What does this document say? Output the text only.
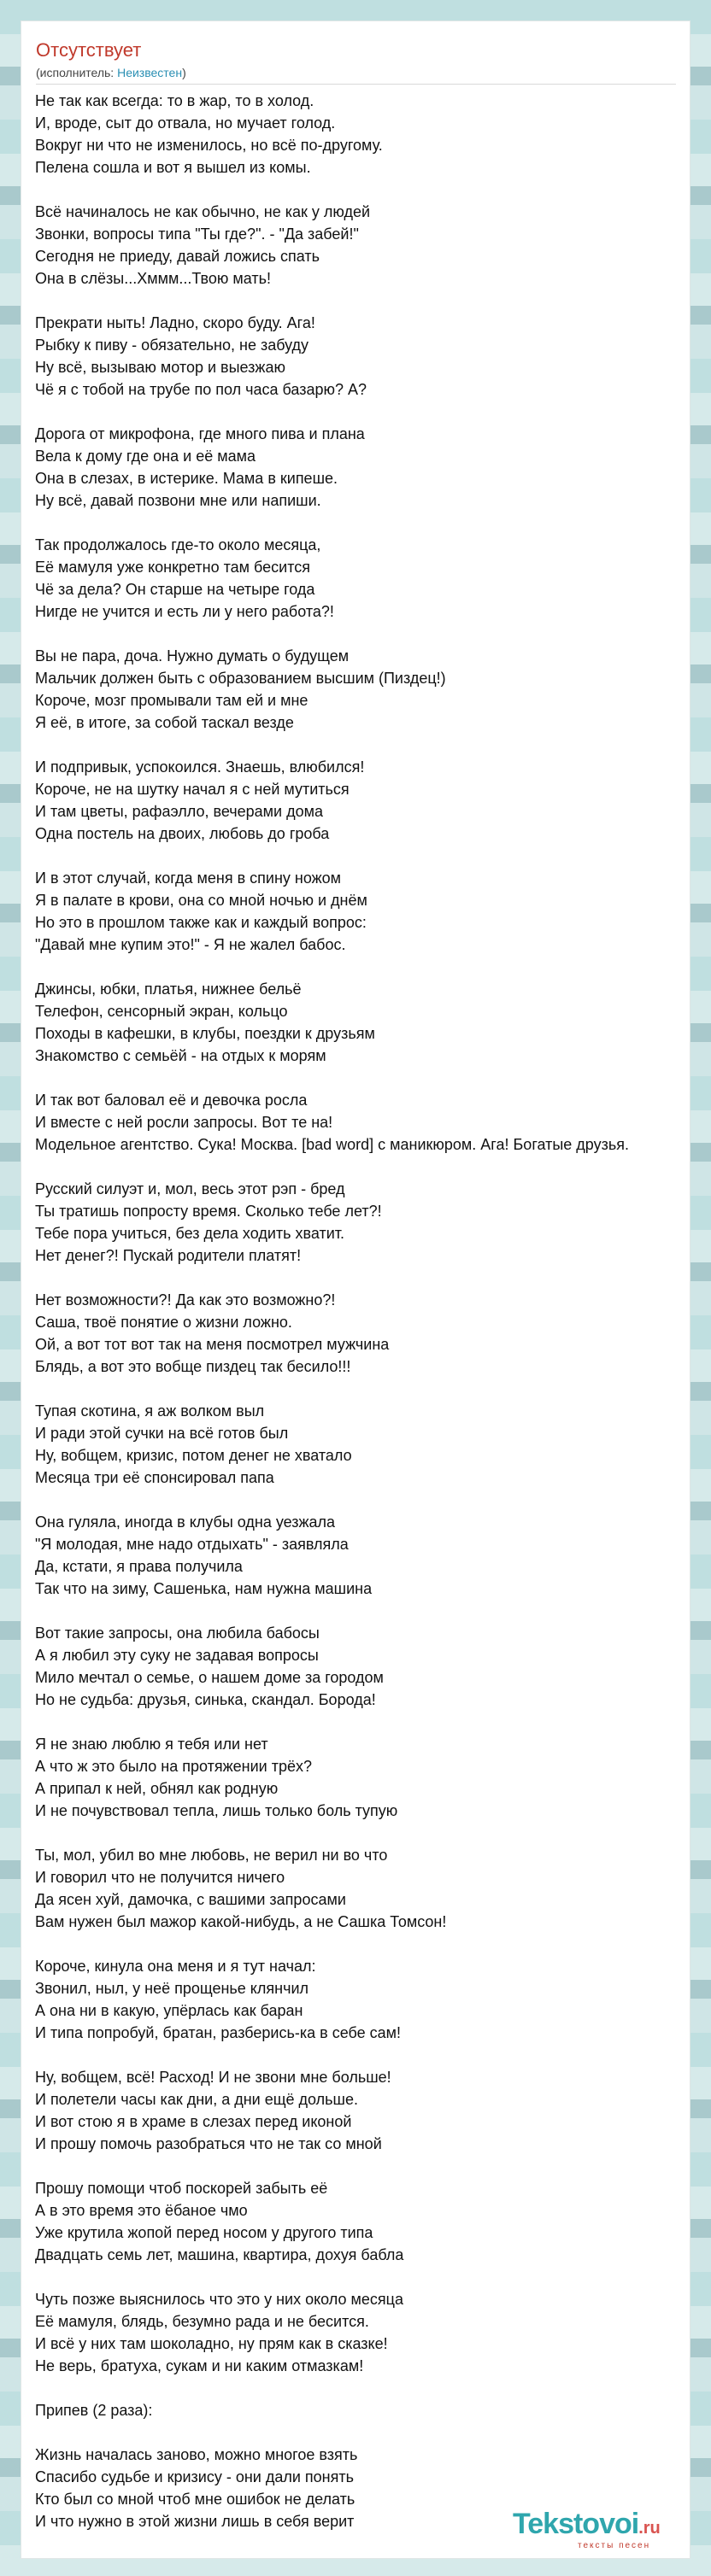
Отсутствует
(исполнитель: Неизвестен)
Не так как всегда: то в жар, то в холод.
И, вроде, сыт до отвала, но мучает голод.
Вокруг ни что не изменилось, но всё по-другому.
Пелена сошла и вот я вышел из комы.
Всё начиналось не как обычно, не как у людей
Звонки, вопросы типа "Ты где?". - "Да забей!"
Сегодня не приеду, давай ложись спать
Она в слёзы...Хммм...Твою мать!
Прекрати ныть! Ладно, скоро буду. Ага!
Рыбку к пиву - обязательно, не забуду
Ну всё, вызываю мотор и выезжаю
Чё я с тобой на трубе по пол часа базарю? А?
Дорога от микрофона, где много пива и плана
Вела к дому где она и её мама
Она в слезах, в истерике. Мама в кипеше.
Ну всё, давай позвони мне или напиши.
Так продолжалось где-то около месяца,
Её мамуля уже конкретно там бесится
Чё за дела? Он старше на четыре года
Нигде не учится и есть ли у него работа?!
Вы не пара, доча. Нужно думать о будущем
Мальчик должен быть с образованием высшим (Пиздец!)
Короче, мозг промывали там ей и мне
Я её, в итоге, за собой таскал везде
И подпривык, успокоился. Знаешь, влюбился!
Короче, не на шутку начал я с ней мутиться
И там цветы, рафаэлло, вечерами дома
Одна постель на двоих, любовь до гроба
И в этот случай, когда меня в спину ножом
Я в палате в крови, она со мной ночью и днём
Но это в прошлом также как и каждый вопрос:
"Давай мне купим это!" - Я не жалел бабос.
Джинсы, юбки, платья, нижнее бельё
Телефон, сенсорный экран, кольцо
Походы в кафешки, в клубы, поездки к друзьям
Знакомство с семьёй - на отдых к морям
И так вот баловал её и девочка росла
И вместе с ней росли запросы. Вот те на!
Модельное агентство. Сука! Москва. [bad word] с маникюром. Ага! Богатые друзья.
Русский силуэт и, мол, весь этот рэп - бред
Ты тратишь попросту время. Сколько тебе лет?!
Тебе пора учиться, без дела ходить хватит.
Нет денег?! Пускай родители платят!
Нет возможности?! Да как это возможно?!
Саша, твоё понятие о жизни ложно.
Ой, а вот тот вот так на меня посмотрел мужчина
Блядь, а вот это вобще пиздец так бесило!!!
Тупая скотина, я аж волком выл
И ради этой сучки на всё готов был
Ну, вобщем, кризис, потом денег не хватало
Месяца три её спонсировал папа
Она гуляла, иногда в клубы одна уезжала
"Я молодая, мне надо отдыхать" - заявляла
Да, кстати, я права получила
Так что на зиму, Сашенька, нам нужна машина
Вот такие запросы, она любила бабосы
А я любил эту суку не задавая вопросы
Мило мечтал о семье, о нашем доме за городом
Но не судьба: друзья, синька, скандал. Борода!
Я не знаю люблю я тебя или нет
А что ж это было на протяжении трёх?
А припал к ней, обнял как родную
И не почувствовал тепла, лишь только боль тупую
Ты, мол, убил во мне любовь, не верил ни во что
И говорил что не получится ничего
Да ясен хуй, дамочка, с вашими запросами
Вам нужен был мажор какой-нибудь, а не Сашка Томсон!
Короче, кинула она меня и я тут начал:
Звонил, ныл, у неё прощенье клянчил
А она ни в какую, упёрлась как баран
И типа попробуй, братан, разберись-ка в себе сам!
Ну, вобщем, всё! Расход! И не звони мне больше!
И полетели часы как дни, а дни ещё дольше.
И вот стою я в храме в слезах перед иконой
И прошу помочь разобраться что не так со мной
Прошу помощи чтоб поскорей забыть её
А в это время это ёбаное чмо
Уже крутила жопой перед носом у другого типа
Двадцать семь лет, машина, квартира, дохуя бабла
Чуть позже выяснилось что это у них около месяца
Её мамуля, блядь, безумно рада и не бесится.
И всё у них там шоколадно, ну прям как в сказке!
Не верь, братуха, сукам и ни каким отмазкам!
Припев (2 раза):
Жизнь началась заново, можно многое взять
Спасибо судьбе и кризису - они дали понять
Кто был со мной чтоб мне ошибок не делать
И что нужно в этой жизни лишь в себя верит	Tekstovoi.ru
тексты песен
